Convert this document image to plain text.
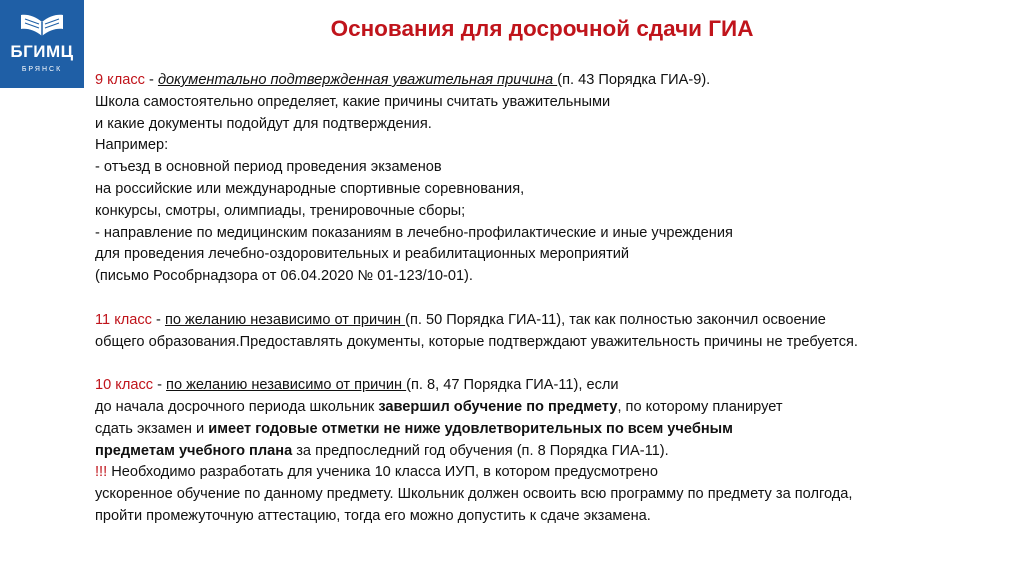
БГИМЦ
БРЯНСК
Основания для досрочной сдачи ГИА
9 класс - документально подтвержденная уважительная причина (п. 43 Порядка ГИА-9).
Школа самостоятельно определяет, какие причины считать уважительными
и какие документы подойдут для подтверждения.
Например:
- отъезд в основной период проведения экзаменов
на российские или международные спортивные соревнования,
конкурсы, смотры, олимпиады, тренировочные сборы;
- направление по медицинским показаниям в лечебно-профилактические и иные учреждения
для проведения лечебно-оздоровительных и реабилитационных мероприятий
(письмо Рособрнадзора от 06.04.2020 № 01-123/10-01).
11 класс - по желанию независимо от причин (п. 50 Порядка ГИА-11), так как полностью закончил освоение
общего образования.Предоставлять документы, которые подтверждают уважительность причины не требуется.
10 класс - по желанию независимо от причин (п. 8, 47 Порядка ГИА-11), если
до начала досрочного периода школьник завершил обучение по предмету, по которому планирует
сдать экзамен и имеет годовые отметки не ниже удовлетворительных по всем учебным
предметам учебного плана за предпоследний год обучения (п. 8 Порядка ГИА-11).
!!! Необходимо разработать для ученика 10 класса ИУП, в котором предусмотрено
ускоренное обучение по данному предмету. Школьник должен освоить всю программу по предмету за полгода,
пройти промежуточную аттестацию, тогда его можно допустить к сдаче экзамена.
